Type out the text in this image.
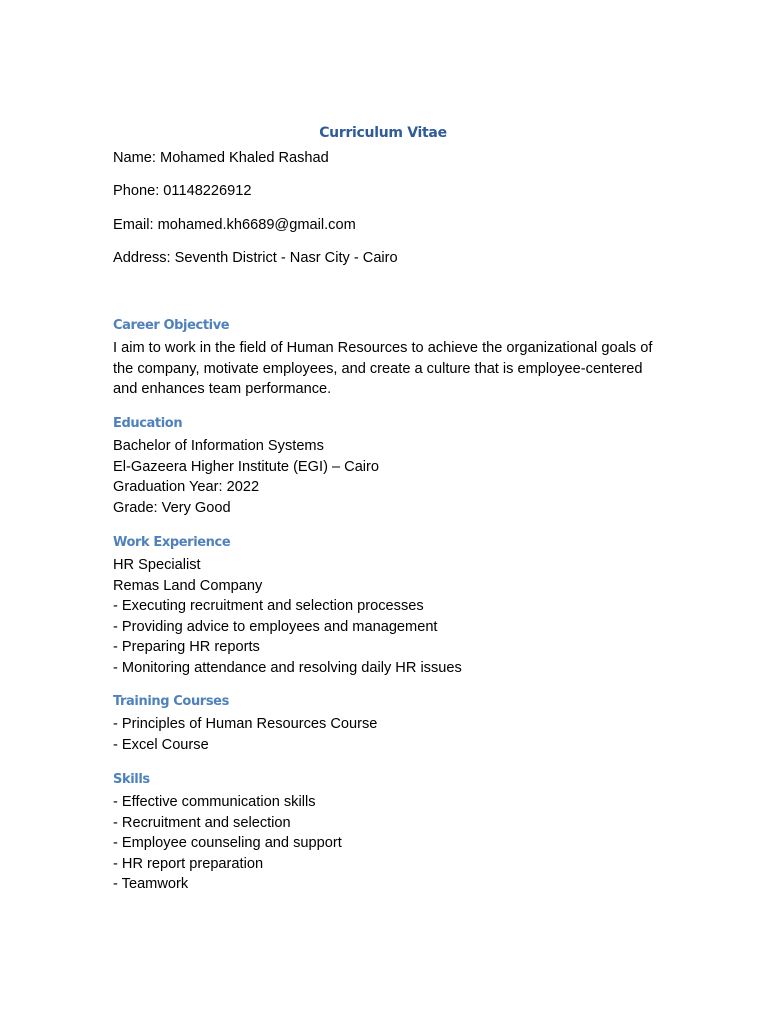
Curriculum Vitae
Name: Mohamed Khaled Rashad
Phone: 01148226912
Email: mohamed.kh6689@gmail.com
Address: Seventh District - Nasr City - Cairo
Career Objective
I aim to work in the field of Human Resources to achieve the organizational goals of the company, motivate employees, and create a culture that is employee-centered and enhances team performance.
Education
Bachelor of Information Systems
El-Gazeera Higher Institute (EGI) – Cairo
Graduation Year: 2022
Grade: Very Good
Work Experience
HR Specialist
Remas Land Company
- Executing recruitment and selection processes
- Providing advice to employees and management
- Preparing HR reports
- Monitoring attendance and resolving daily HR issues
Training Courses
- Principles of Human Resources Course
- Excel Course
Skills
- Effective communication skills
- Recruitment and selection
- Employee counseling and support
- HR report preparation
- Teamwork
